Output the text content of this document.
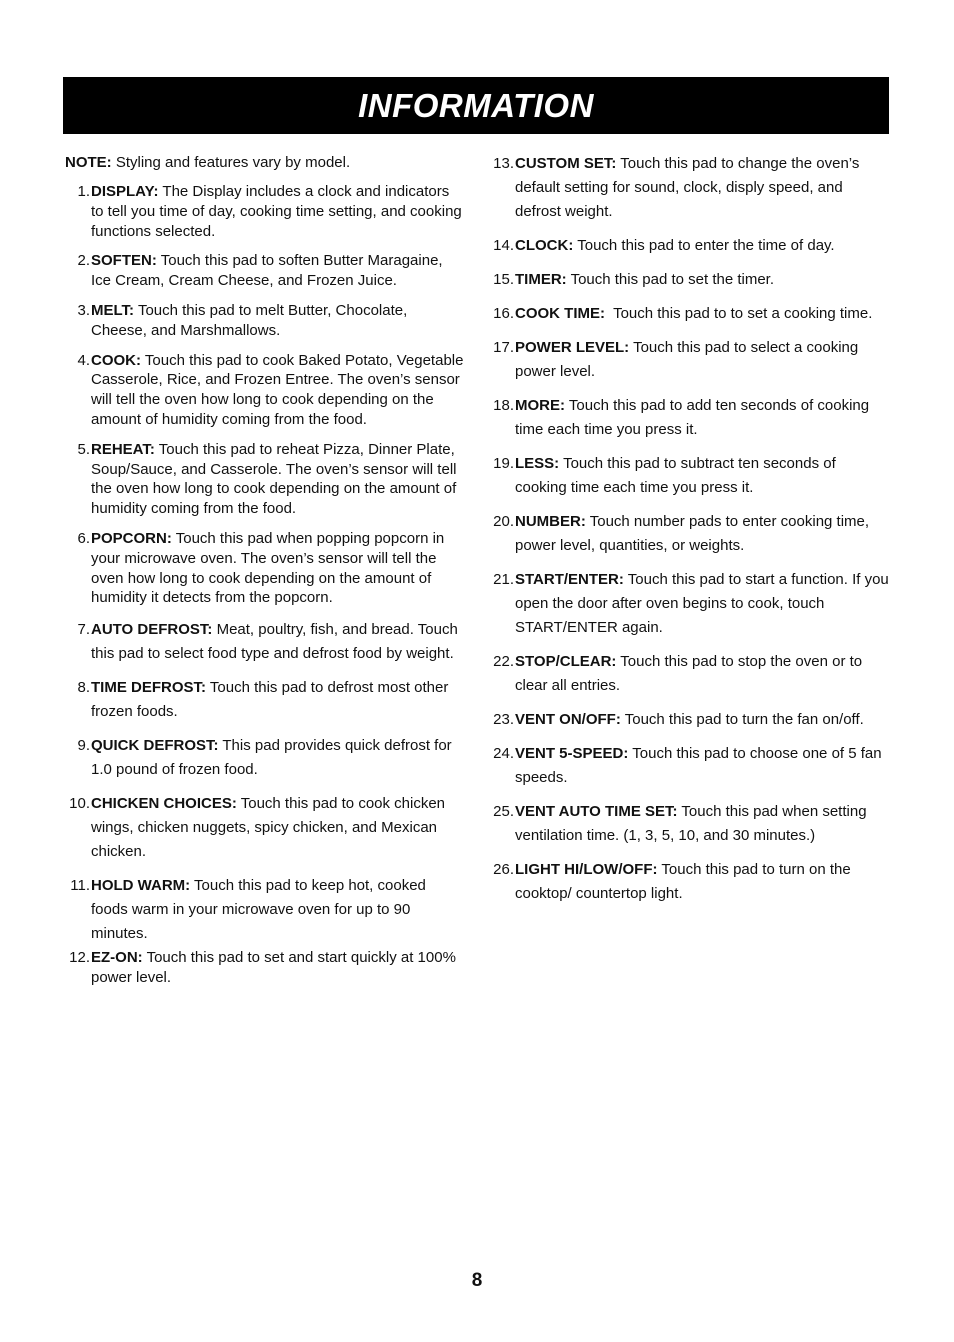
INFORMATION
NOTE: Styling and features vary by model.
1. DISPLAY: The Display includes a clock and indicators to tell you time of day, cooking time setting, and cooking functions selected.
2. SOFTEN: Touch this pad to soften Butter Maragaine, Ice Cream, Cream Cheese, and Frozen Juice.
3. MELT: Touch this pad to melt Butter, Chocolate, Cheese, and Marshmallows.
4. COOK: Touch this pad to cook Baked Potato, Vegetable Casserole, Rice, and Frozen Entree. The oven’s sensor will tell the oven how long to cook depending on the amount of humidity coming from the food.
5. REHEAT: Touch this pad to reheat Pizza, Dinner Plate, Soup/Sauce, and Casserole. The oven’s sensor will tell the oven how long to cook depending on the amount of humidity coming from the food.
6. POPCORN: Touch this pad when popping popcorn in your microwave oven. The oven’s sensor will tell the oven how long to cook depending on the amount of humidity it detects from the popcorn.
7. AUTO DEFROST: Meat, poultry, fish, and bread. Touch this pad to select food type and defrost food by weight.
8. TIME DEFROST: Touch this pad to defrost most other frozen foods.
9. QUICK DEFROST: This pad provides quick defrost for 1.0 pound of frozen food.
10. CHICKEN CHOICES: Touch this pad to cook chicken wings, chicken nuggets, spicy chicken, and Mexican chicken.
11. HOLD WARM: Touch this pad to keep hot, cooked foods warm in your microwave oven for up to 90 minutes.
12. EZ-ON: Touch this pad to set and start quickly at 100% power level.
13. CUSTOM SET: Touch this pad to change the oven’s default setting for sound, clock, disply speed, and defrost weight.
14. CLOCK: Touch this pad to enter the time of day.
15. TIMER: Touch this pad to set the timer.
16. COOK TIME:  Touch this pad to to set a cooking time.
17. POWER LEVEL: Touch this pad to select a cooking power level.
18. MORE: Touch this pad to add ten seconds of cooking time each time you press it.
19. LESS: Touch this pad to subtract ten seconds of cooking time each time you press it.
20. NUMBER: Touch number pads to enter cooking time, power level, quantities, or weights.
21. START/ENTER: Touch this pad to start a function. If you open the door after oven begins to cook, touch START/ENTER again.
22. STOP/CLEAR: Touch this pad to stop the oven or to clear all entries.
23. VENT ON/OFF: Touch this pad to turn the fan on/off.
24. VENT 5-SPEED: Touch this pad to choose one of 5 fan speeds.
25. VENT AUTO TIME SET: Touch this pad when setting ventilation time. (1, 3, 5, 10, and 30 minutes.)
26. LIGHT HI/LOW/OFF: Touch this pad to turn on the cooktop/ countertop light.
8
